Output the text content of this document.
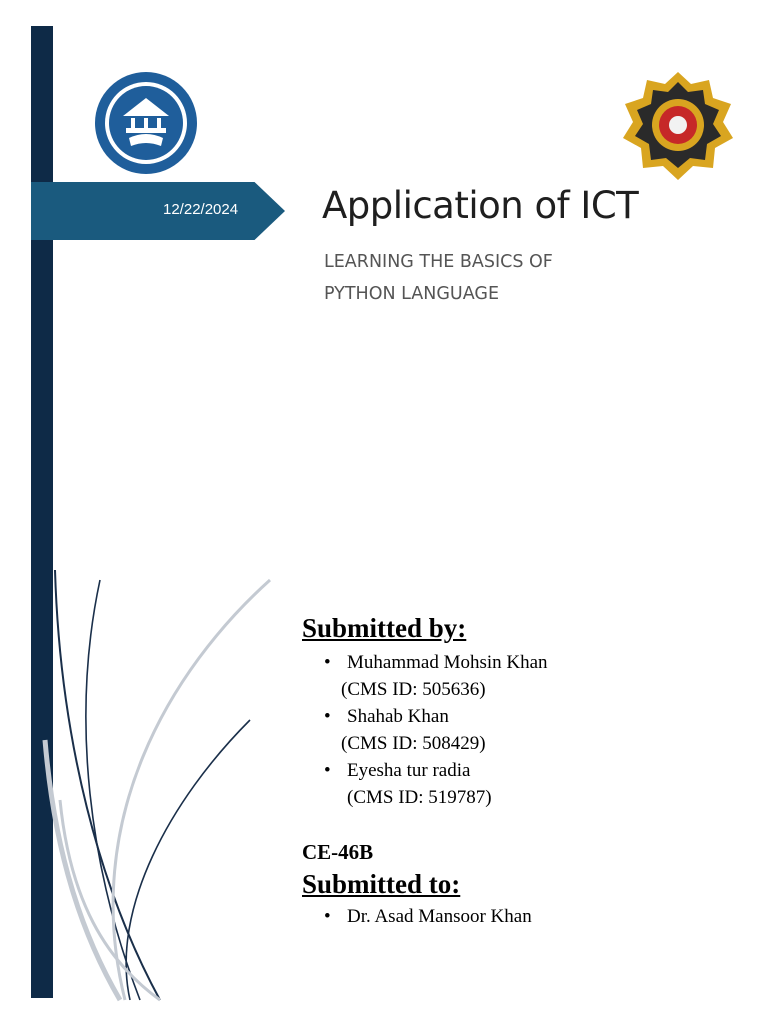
12/22/2024 Application of ICT
LEARNING THE BASICS OF
PYTHON LANGUAGE
Submitted by:
• Muhammad Mohsin Khan
(CMS ID: 505636)
• Shahab Khan
(CMS ID: 508429)
• Eyesha tur radia
(CMS ID: 519787)
CE-46B
Submitted to:
• Dr. Asad Mansoor Khan
